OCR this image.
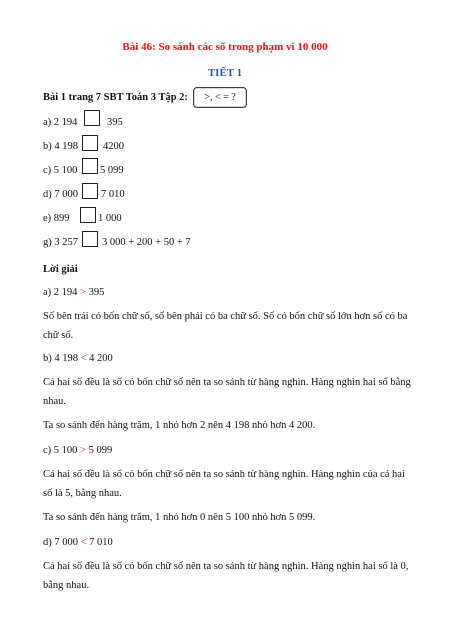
Bài 46: So sánh các số trong phạm vi 10 000
TIẾT 1
Bài 1 trang 7 SBT Toán 3 Tập 2:	>, < = ?
a) 2 194	395
b) 4 198 4200
c) 5 100 5 099
d) 7 000 7 010
e) 899	1 000
g) 3 257 3 000 + 200 + 50 + 7
Lời giải
a) 2 194 > 395
Số bên trái có bốn chữ số, số bên phải có ba chữ số. Số có bốn chữ số lớn hơn số có ba chữ số.
b) 4 198 < 4 200
Cả hai số đều là số có bốn chữ số nên ta so sánh từ hàng nghìn. Hàng nghìn hai số bằng nhau.
Ta so sánh đến hàng trăm, 1 nhỏ hơn 2 nên 4 198 nhỏ hơn 4 200.
c) 5 100 > 5 099
Cả hai số đều là số có bốn chữ số nên ta so sánh từ hàng nghìn. Hàng nghìn của cả hai số là 5, bằng nhau.
Ta so sánh đến hàng trăm, 1 nhỏ hơn 0 nên 5 100 nhỏ hơn 5 099.
d) 7 000 < 7 010
Cả hai số đều là số có bốn chữ số nên ta so sánh từ hàng nghìn. Hàng nghìn hai số là 0, bằng nhau.
